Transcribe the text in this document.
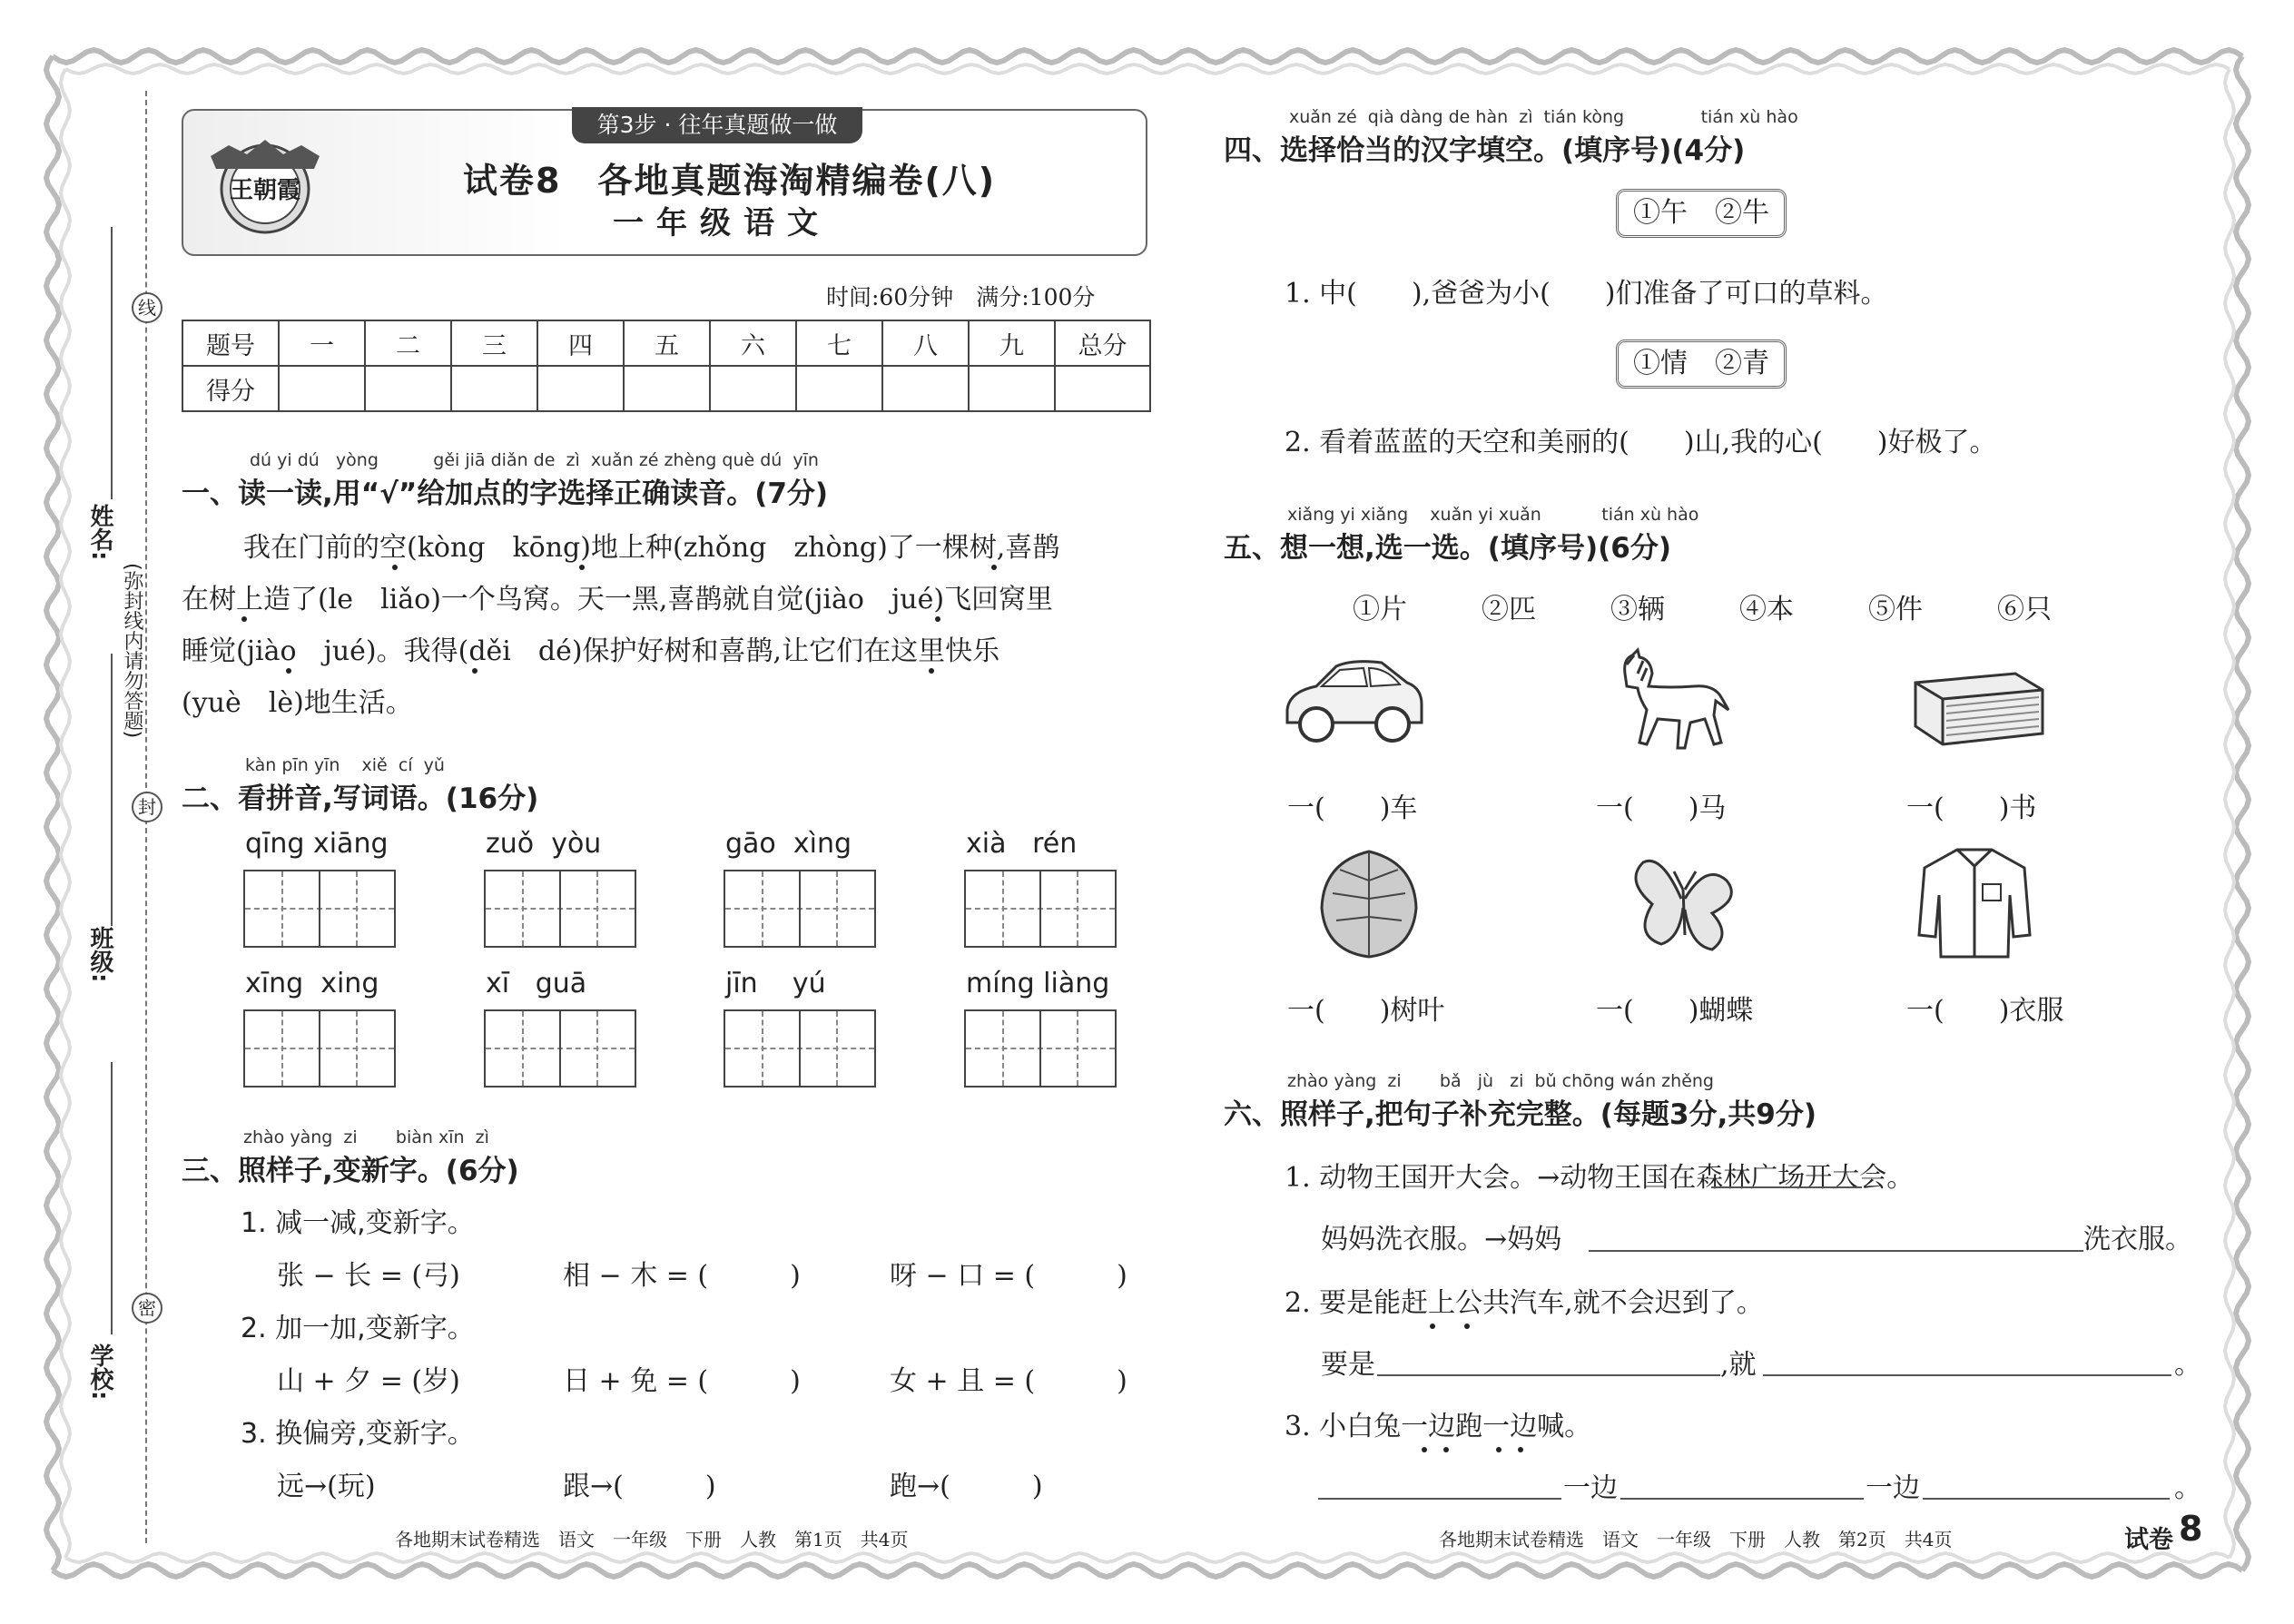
线
封
密
(弥封线内请勿答题)
姓名:
班级:
学校:
第3步 · 往年真题做一做
王朝霞	试卷8　各地真题海淘精编卷(八)
一年级语文
时间:60分钟　满分:100分
题号	一	二	三	四	五	六	七	八	九	总分
得分										
dú yi dú   yòng          gěi jiā diǎn de  zì  xuǎn zé zhèng què dú  yīn
一、读一读,用“√”给加点的字选择正确读音。(7分)
我在门前的空(kòng　kōng)地上种(zhǒng　zhòng)了一棵树,喜鹊
在树上造了(le　liǎo)一个鸟窝。天一黑,喜鹊就自觉(jiào　jué)飞回窝里
睡觉(jiào　jué)。我得(děi　dé)保护好树和喜鹊,让它们在这里快乐
(yuè　lè)地生活。
kàn pīn yīn    xiě  cí  yǔ
二、看拼音,写词语。(16分)
qīng xiāng	zuǒ  yòu	gāo  xìng	xià   rén
xīng  xing	xī   guā	jīn    yú	míng liàng
zhào yàng  zi       biàn xīn  zì
三、照样子,变新字。(6分)
1. 减一减,变新字。
张 − 长 = (弓)	相 − 木 = (　　　)	呀 − 口 = (　　　)
2. 加一加,变新字。
山 + 夕 = (岁)	日 + 免 = (　　　)	女 + 且 = (　　　)
3. 换偏旁,变新字。
远→(玩)	跟→(　　　)	跑→(　　　)
xuǎn zé  qià dàng de hàn  zì  tián kòng              tián xù hào
四、选择恰当的汉字填空。(填序号)(4分)
①午　②牛
1. 中(　　),爸爸为小(　　)们准备了可口的草料。
①情　②青
2. 看着蓝蓝的天空和美丽的(　　)山,我的心(　　)好极了。
xiǎng yi xiǎng    xuǎn yi xuǎn           tián xù hào
五、想一想,选一选。(填序号)(6分)
①片	②匹	③辆	④本	⑤件	⑥只
一(　　)车	一(　　)马	一(　　)书
一(　　)树叶	一(　　)蝴蝶	一(　　)衣服
zhào yàng  zi       bǎ   jù   zi  bǔ chōng wán zhěng
六、照样子,把句子补充完整。(每题3分,共9分)
1. 动物王国开大会。→动物王国在森林广场开大会。
妈妈洗衣服。→妈妈	洗衣服。
2. 要是能赶上公共汽车,就不会迟到了。
要是	,就	。
3. 小白兔一边跑一边喊。
一边	一边	。
各地期末试卷精选　语文　一年级　下册　人教　第1页　共4页	各地期末试卷精选　语文　一年级　下册　人教　第2页　共4页	试卷 8
